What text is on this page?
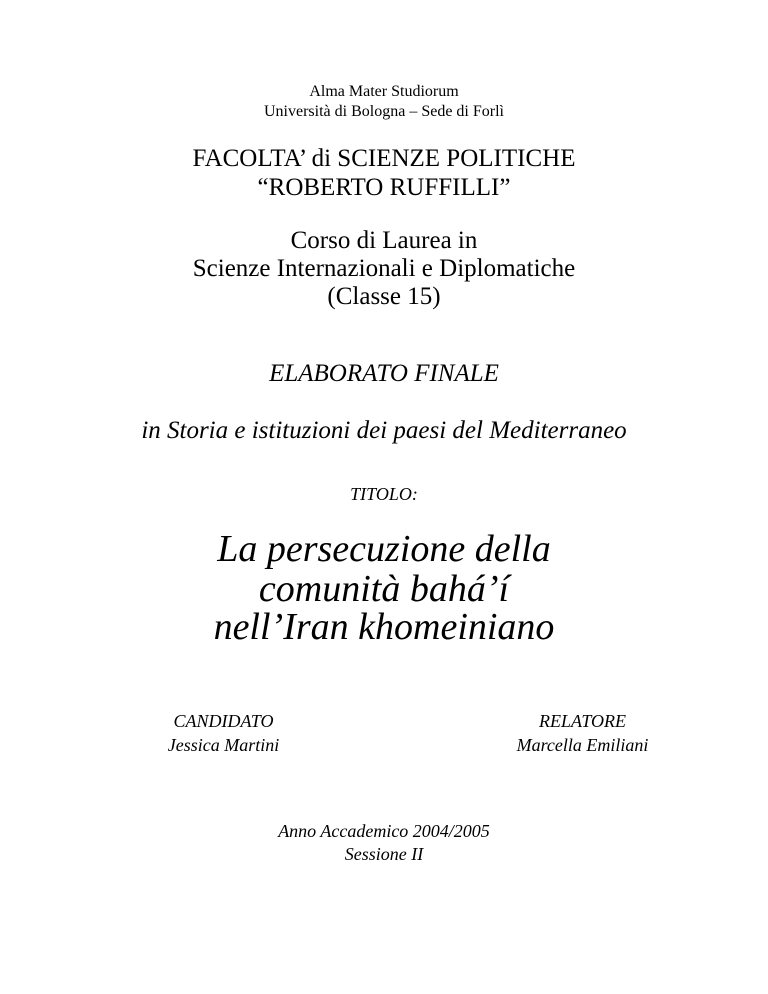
Alma Mater Studiorum
Università di Bologna – Sede di Forlì
FACOLTA’ di SCIENZE POLITICHE
“ROBERTO RUFFILLI”
Corso di Laurea in
Scienze Internazionali e Diplomatiche
(Classe 15)
ELABORATO FINALE
in Storia e istituzioni dei paesi del Mediterraneo
TITOLO:
La persecuzione della
comunità bahá’í
nell’Iran khomeiniano
CANDIDATO
Jessica Martini
RELATORE
Marcella Emiliani
Anno Accademico 2004/2005
Sessione II
